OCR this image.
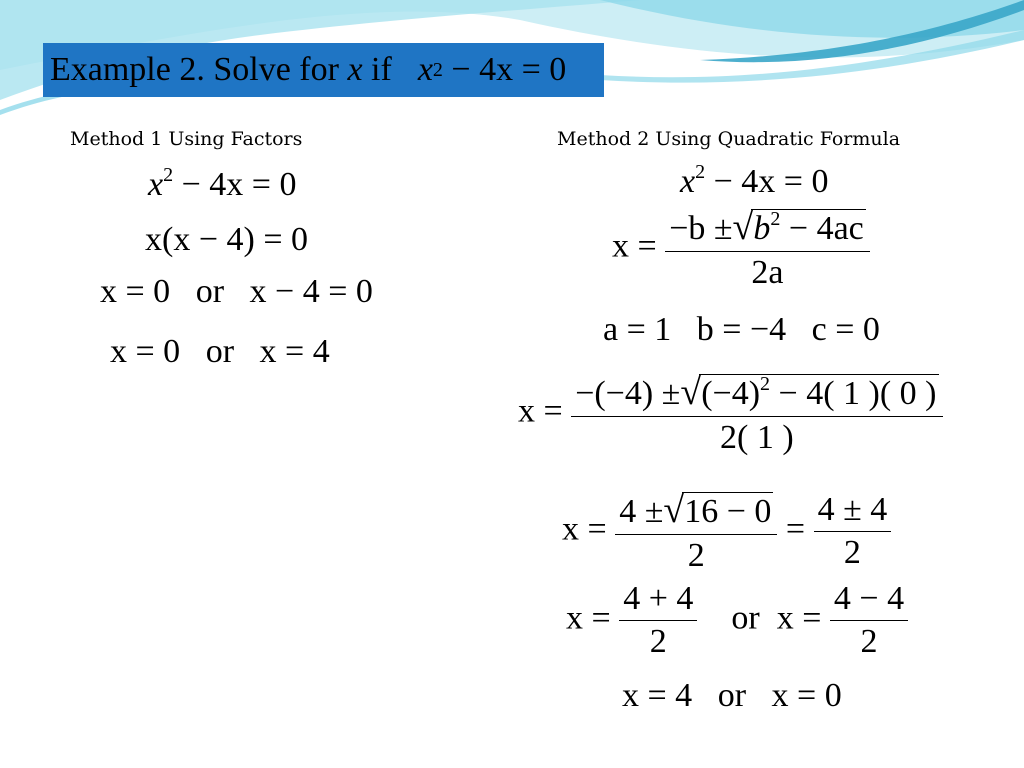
Example 2. Solve for
x
if x 2
− 4x = 0
Method 1 Using Factors
$x^2 - 4x = 0$
x(x − 4) = 0
x = 0 or x − 4 = 0
x = 0 or x = 4
Method 2 Using Quadratic Formula
$x^2 - 4x = 0$
$x = \frac{-b \pm√b^2 - 4ac}{2a}$
a = 1 b = −4 c = 0
$x = \frac{-(-4) \pm√(-4)^2 - 4( 1 )( 0 )}{2( 1 )}$
$x = \frac{4 \pm√16 - 0}{2} = \frac{4 \pm 4}{2}$
$x = \frac{4 + 4}{2}$ or $x = \frac{4 - 4}{2}$
x = 4 or x = 0
